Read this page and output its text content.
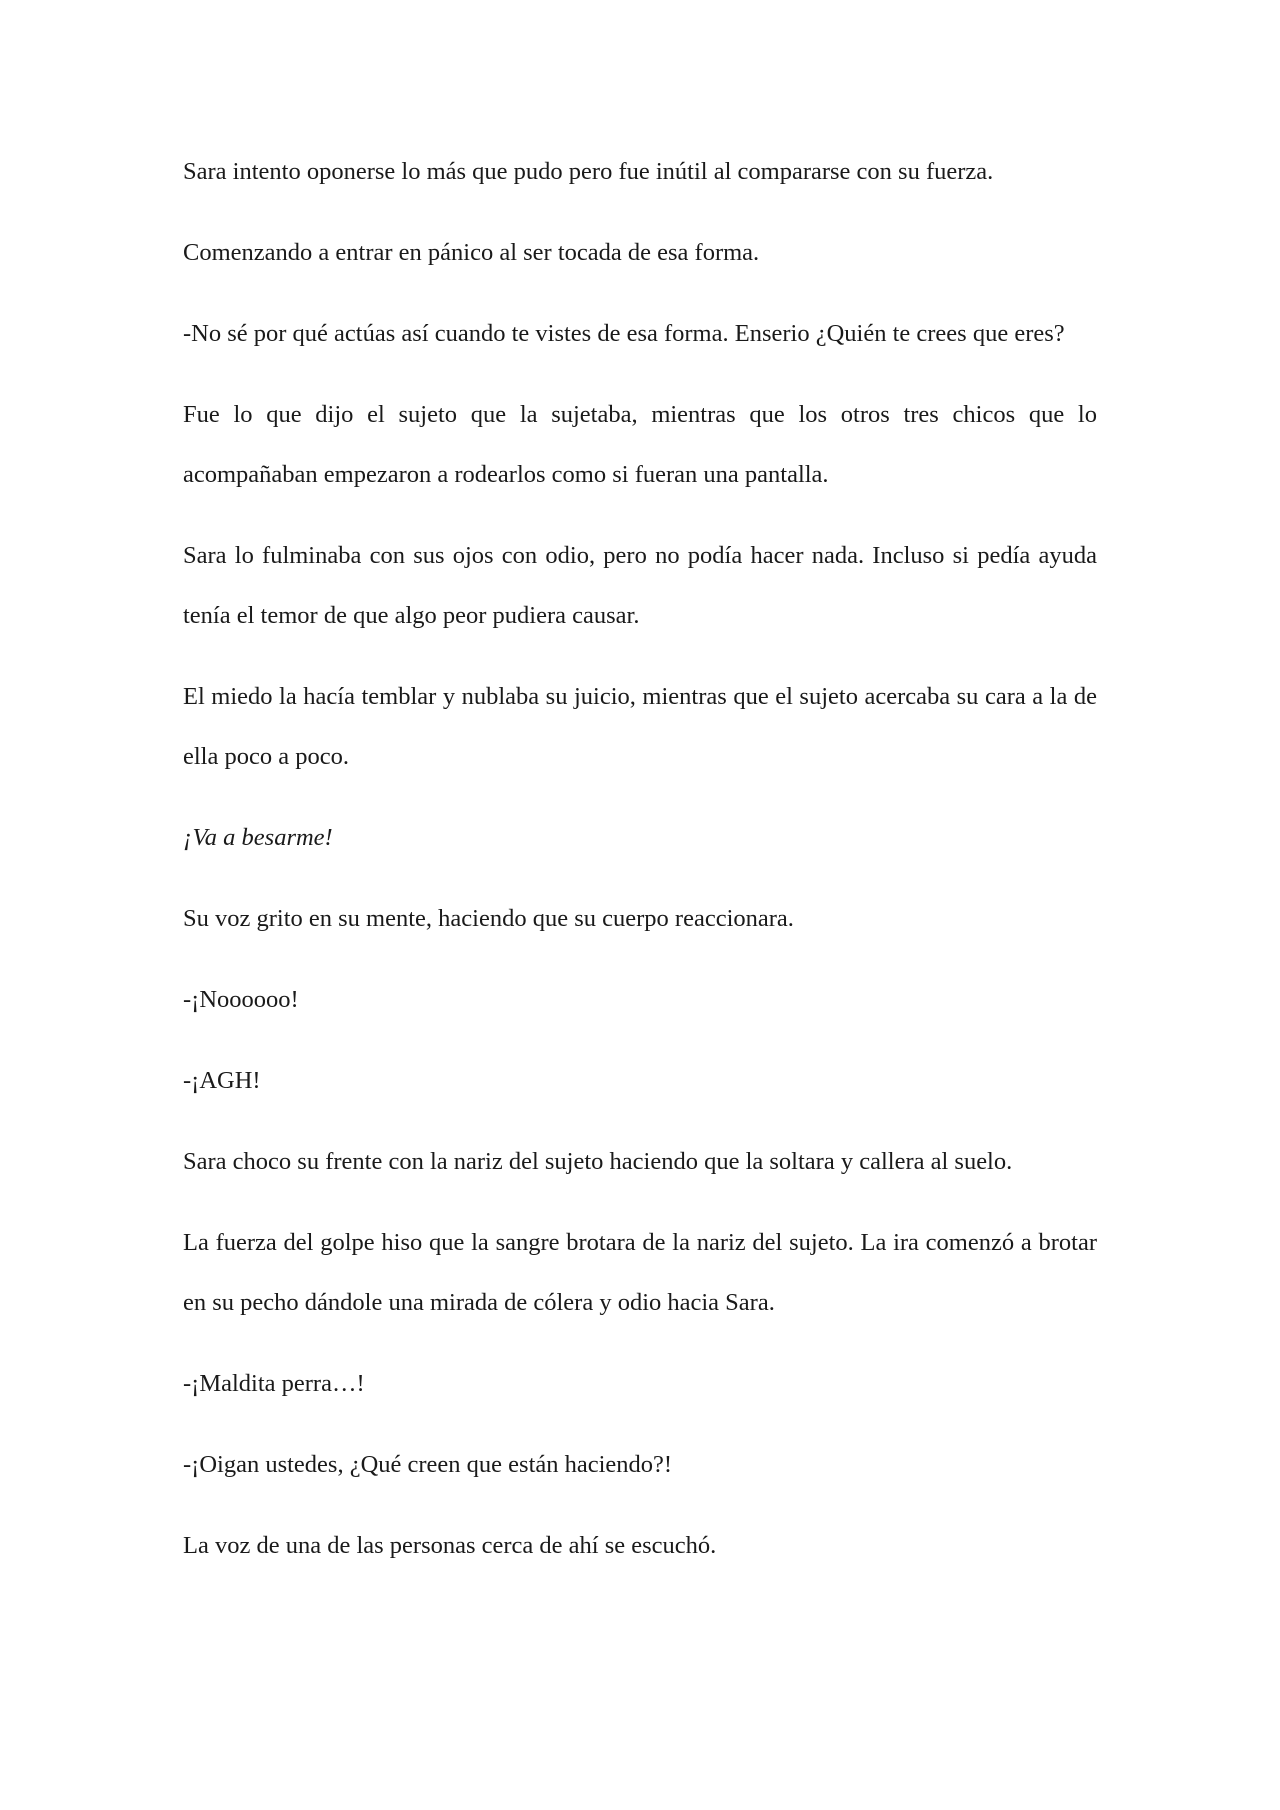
Sara intento oponerse lo más que pudo pero fue inútil al compararse con su fuerza.

Comenzando a entrar en pánico al ser tocada de esa forma.

-No sé por qué actúas así cuando te vistes de esa forma. Enserio ¿Quién te crees que eres?

Fue lo que dijo el sujeto que la sujetaba, mientras que los otros tres chicos que lo acompañaban empezaron a rodearlos como si fueran una pantalla.

Sara lo fulminaba con sus ojos con odio, pero no podía hacer nada. Incluso si pedía ayuda tenía el temor de que algo peor pudiera causar.

El miedo la hacía temblar y nublaba su juicio, mientras que el sujeto acercaba su cara a la de ella poco a poco.

¡Va a besarme!

Su voz grito en su mente, haciendo que su cuerpo reaccionara.

-¡Noooooo!

-¡AGH!

Sara choco su frente con la nariz del sujeto haciendo que la soltara y callera al suelo.

La fuerza del golpe hiso que la sangre brotara de la nariz del sujeto. La ira comenzó a brotar en su pecho dándole una mirada de cólera y odio hacia Sara.

-¡Maldita perra…!

-¡Oigan ustedes, ¿Qué creen que están haciendo?!

La voz de una de las personas cerca de ahí se escuchó.
